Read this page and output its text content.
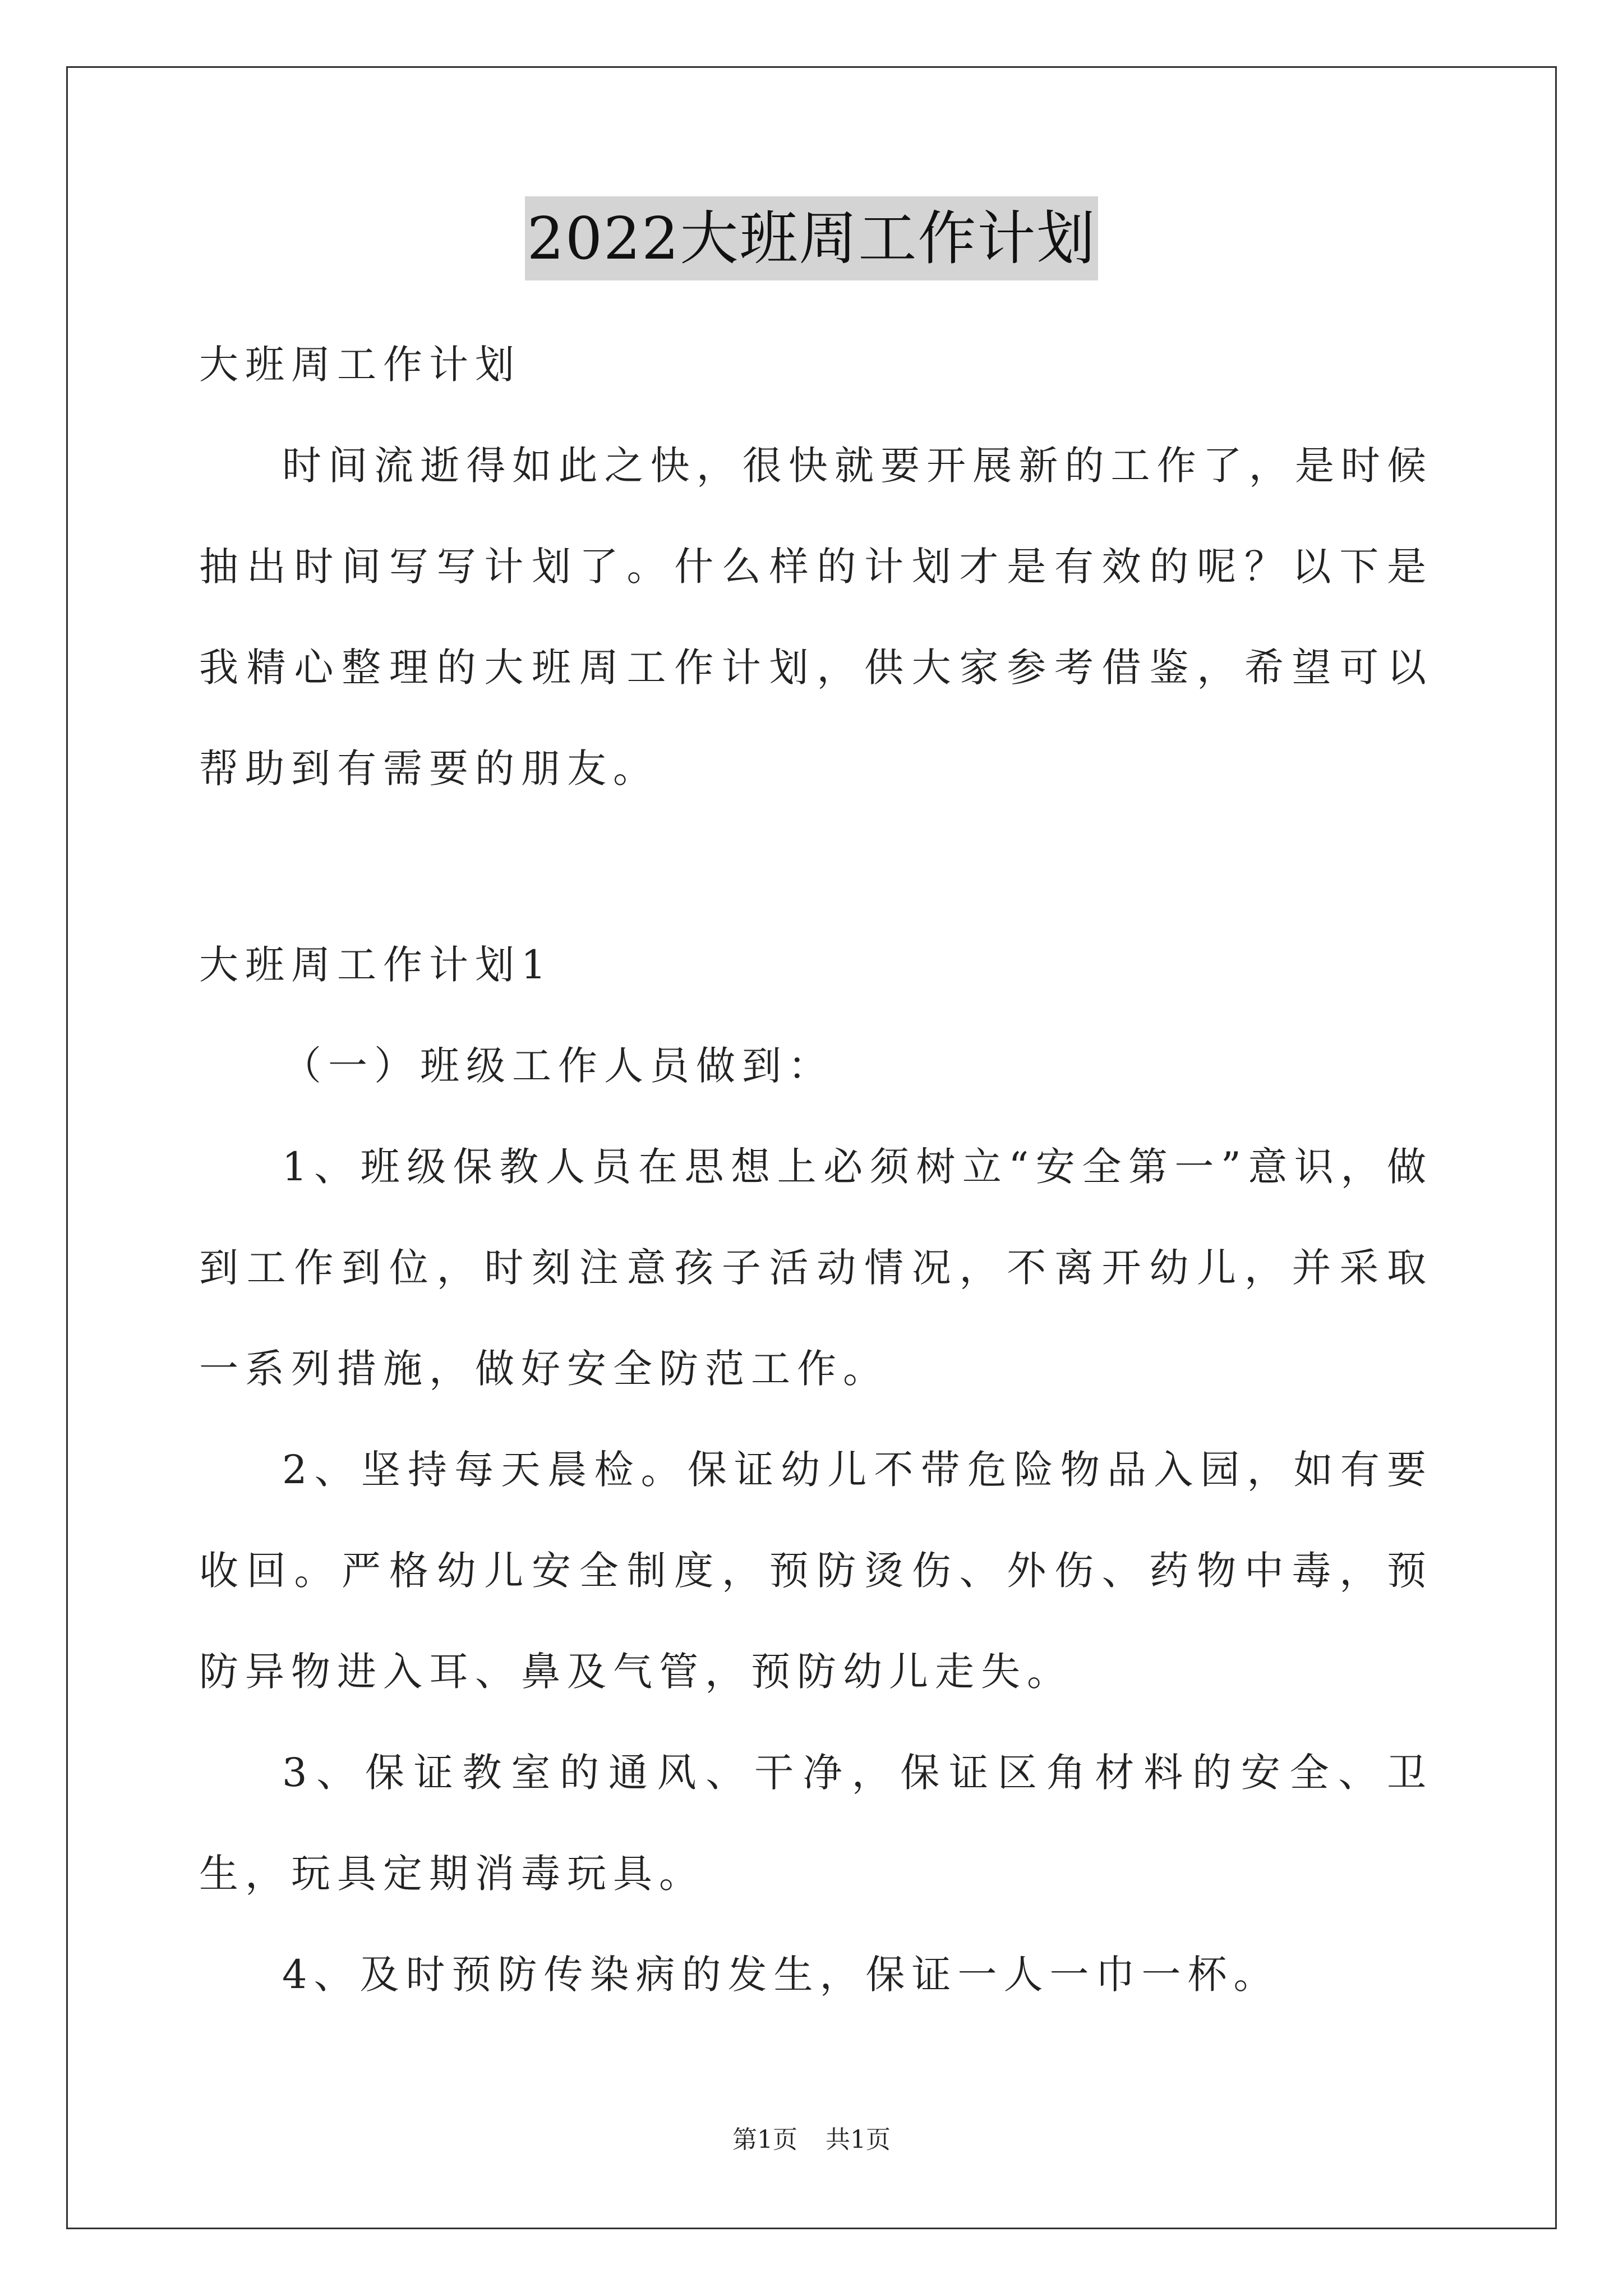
2022大班周工作计划

大班周工作计划

时间流逝得如此之快，很快就要开展新的工作了，是时候抽出时间写写计划了。什么样的计划才是有效的呢？以下是我精心整理的大班周工作计划，供大家参考借鉴，希望可以帮助到有需要的朋友。

大班周工作计划1

（一）班级工作人员做到：

1、班级保教人员在思想上必须树立“安全第一”意识，做到工作到位，时刻注意孩子活动情况，不离开幼儿，并采取一系列措施，做好安全防范工作。

2、坚持每天晨检。保证幼儿不带危险物品入园，如有要收回。严格幼儿安全制度，预防烫伤、外伤、药物中毒，预防异物进入耳、鼻及气管，预防幼儿走失。

3、保证教室的通风、干净，保证区角材料的安全、卫生，玩具定期消毒玩具。

4、及时预防传染病的发生，保证一人一巾一杯。

第1页 共1页
